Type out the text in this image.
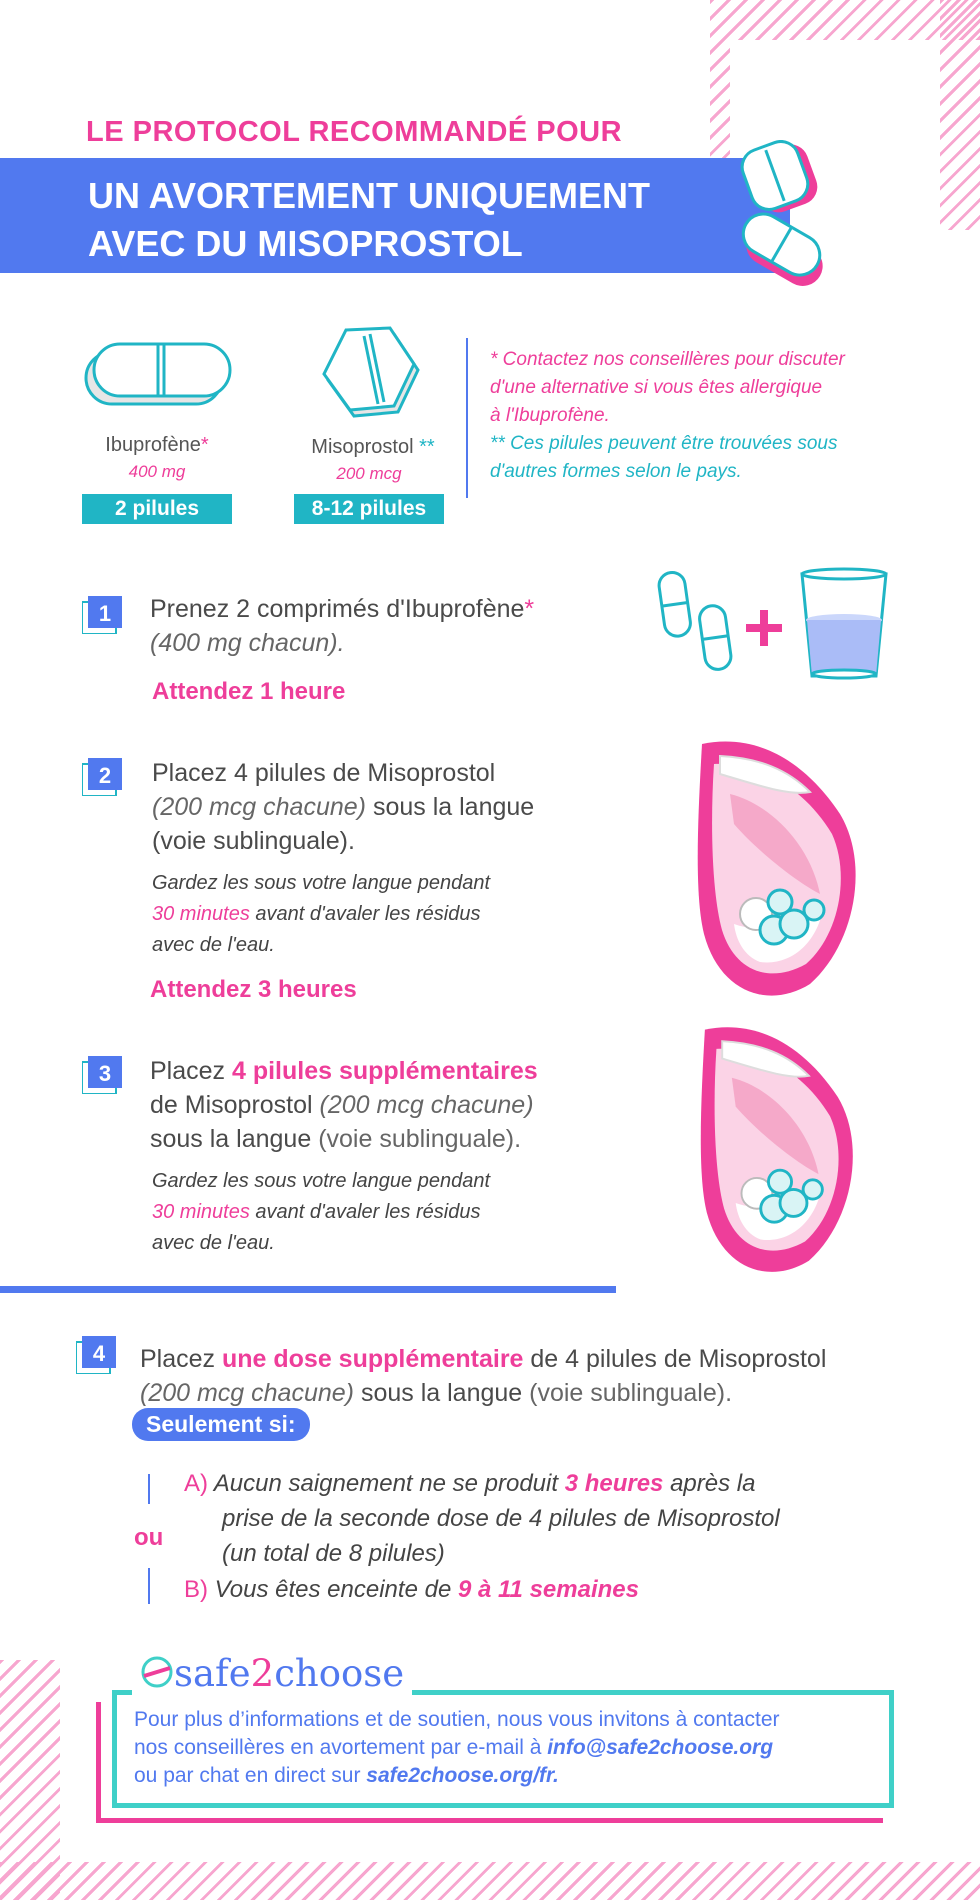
LE PROTOCOL RECOMMANDÉ POUR
UN AVORTEMENT UNIQUEMENT
AVEC DU MISOPROSTOL
Ibuprofène*
400 mg
2 pilules
Misoprostol **
200 mcg
8-12 pilules
* Contactez nos conseillères pour discuter
d'une alternative si vous êtes allergique
à l'Ibuprofène.
** Ces pilules peuvent être trouvées sous
d'autres formes selon le pays.
1
2
3
4
Prenez 2 comprimés d'Ibuprofène*
(400 mg chacun).
Attendez 1 heure
Placez 4 pilules de Misoprostol
(200 mcg chacune) sous la langue
(voie sublinguale).
Gardez les sous votre langue pendant
30 minutes avant d'avaler les résidus
avec de l'eau.
Attendez 3 heures
Placez 4 pilules supplémentaires
de Misoprostol (200 mcg chacune)
sous la langue (voie sublinguale).
Gardez les sous votre langue pendant
30 minutes avant d'avaler les résidus
avec de l'eau.
Placez une dose supplémentaire de 4 pilules de Misoprostol
(200 mcg chacune) sous la langue (voie sublinguale).
Seulement si:
ou
A) Aucun saignement ne se produit 3 heures après la
prise de la seconde dose de 4 pilules de Misoprostol
(un total de 8 pilules)
B) Vous êtes enceinte de 9 à 11 semaines
safe2choose
Pour plus d’informations et de soutien, nous vous invitons à contacter
nos conseillères en avortement par e-mail à info@safe2choose.org
ou par chat en direct sur safe2choose.org/fr.
